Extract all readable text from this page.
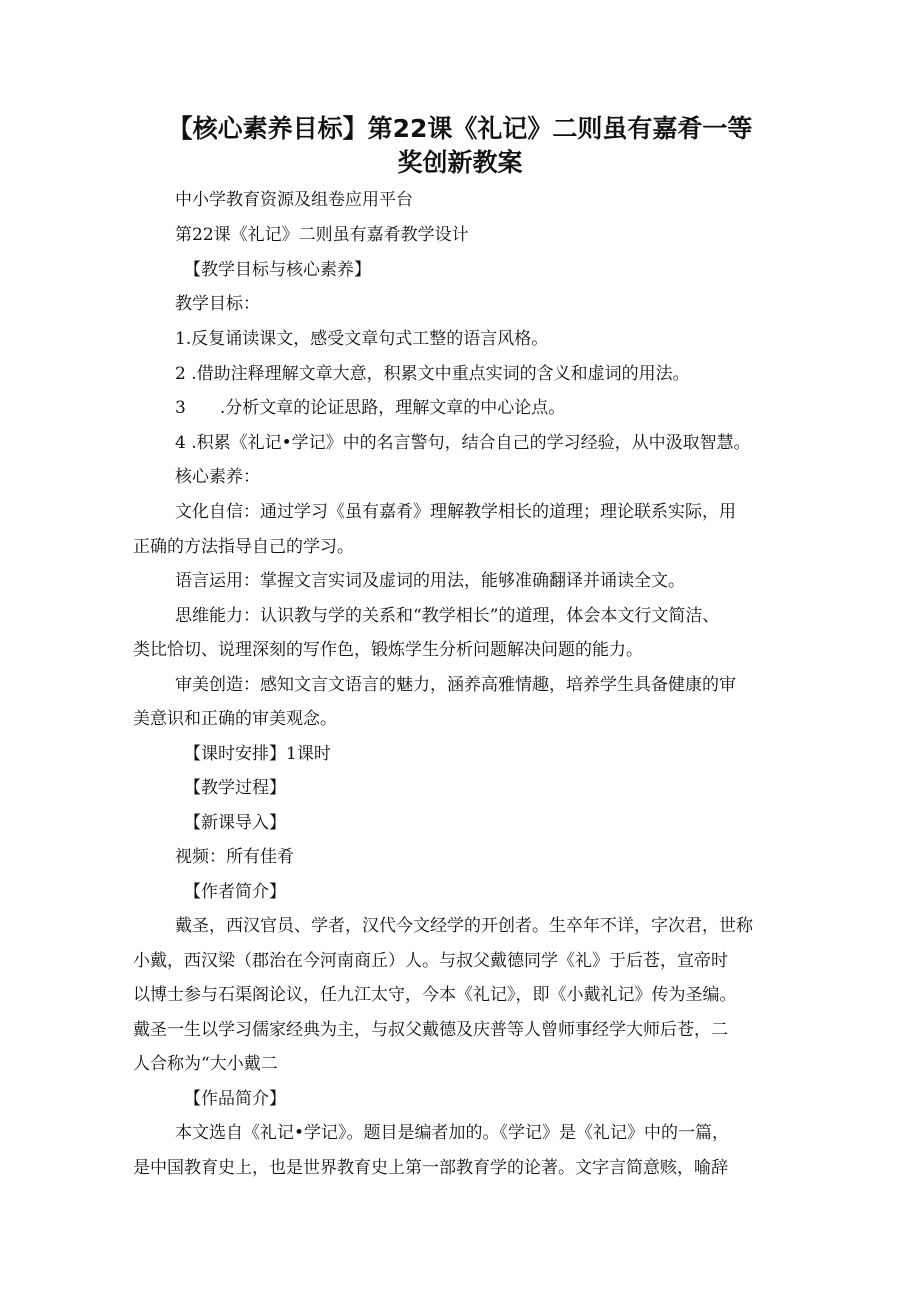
【核心素养目标】第22课《礼记》二则虽有嘉肴一等
奖创新教案
中小学教育资源及组卷应用平台
第22课《礼记》二则虽有嘉肴教学设计
【教学目标与核心素养】
教学目标：
1.反复诵读课文，感受文章句式工整的语言风格。
2 .借助注释理解文章大意，积累文中重点实词的含义和虚词的用法。
3　　.分析文章的论证思路，理解文章的中心论点。
4 .积累《礼记•学记》中的名言警句，结合自己的学习经验，从中汲取智慧。
核心素养：
文化自信：通过学习《虽有嘉肴》理解教学相长的道理；理论联系实际，用
正确的方法指导自己的学习。
语言运用：掌握文言实词及虚词的用法，能够准确翻译并诵读全文。
思维能力：认识教与学的关系和“教学相长”的道理，体会本文行文简洁、
类比恰切、说理深刻的写作色，锻炼学生分析问题解决问题的能力。
审美创造：感知文言文语言的魅力，涵养高雅情趣，培养学生具备健康的审
美意识和正确的审美观念。
【课时安排】1课时
【教学过程】
【新课导入】
视频：所有佳肴
【作者简介】
戴圣，西汉官员、学者，汉代今文经学的开创者。生卒年不详，字次君，世称
小戴，西汉梁（郡治在今河南商丘）人。与叔父戴德同学《礼》于后苍，宣帝时
以博士参与石渠阁论议，任九江太守，今本《礼记》，即《小戴礼记》传为圣编。
戴圣一生以学习儒家经典为主，与叔父戴德及庆普等人曾师事经学大师后苍，二
人合称为“大小戴二
【作品简介】
本文选自《礼记•学记》。题目是编者加的。《学记》是《礼记》中的一篇，
是中国教育史上，也是世界教育史上第一部教育学的论著。文字言简意赅，喻辞
